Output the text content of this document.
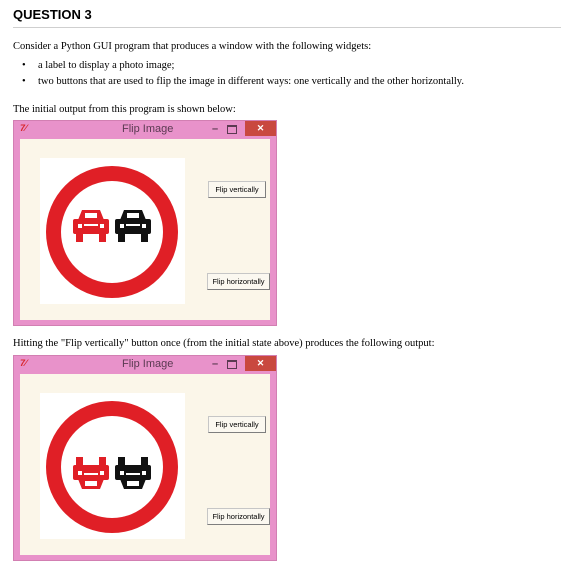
QUESTION 3

Consider a Python GUI program that produces a window with the following widgets:

• a label to display a photo image;
• two buttons that are used to flip the image in different ways: one vertically and the other horizontally.

The initial output from this program is shown below:

7⁄	Flip Image	–	✕
Flip vertically
Flip horizontally

Hitting the "Flip vertically" button once (from the initial state above) produces the following output:

7⁄	Flip Image	–	✕
Flip vertically
Flip horizontally
